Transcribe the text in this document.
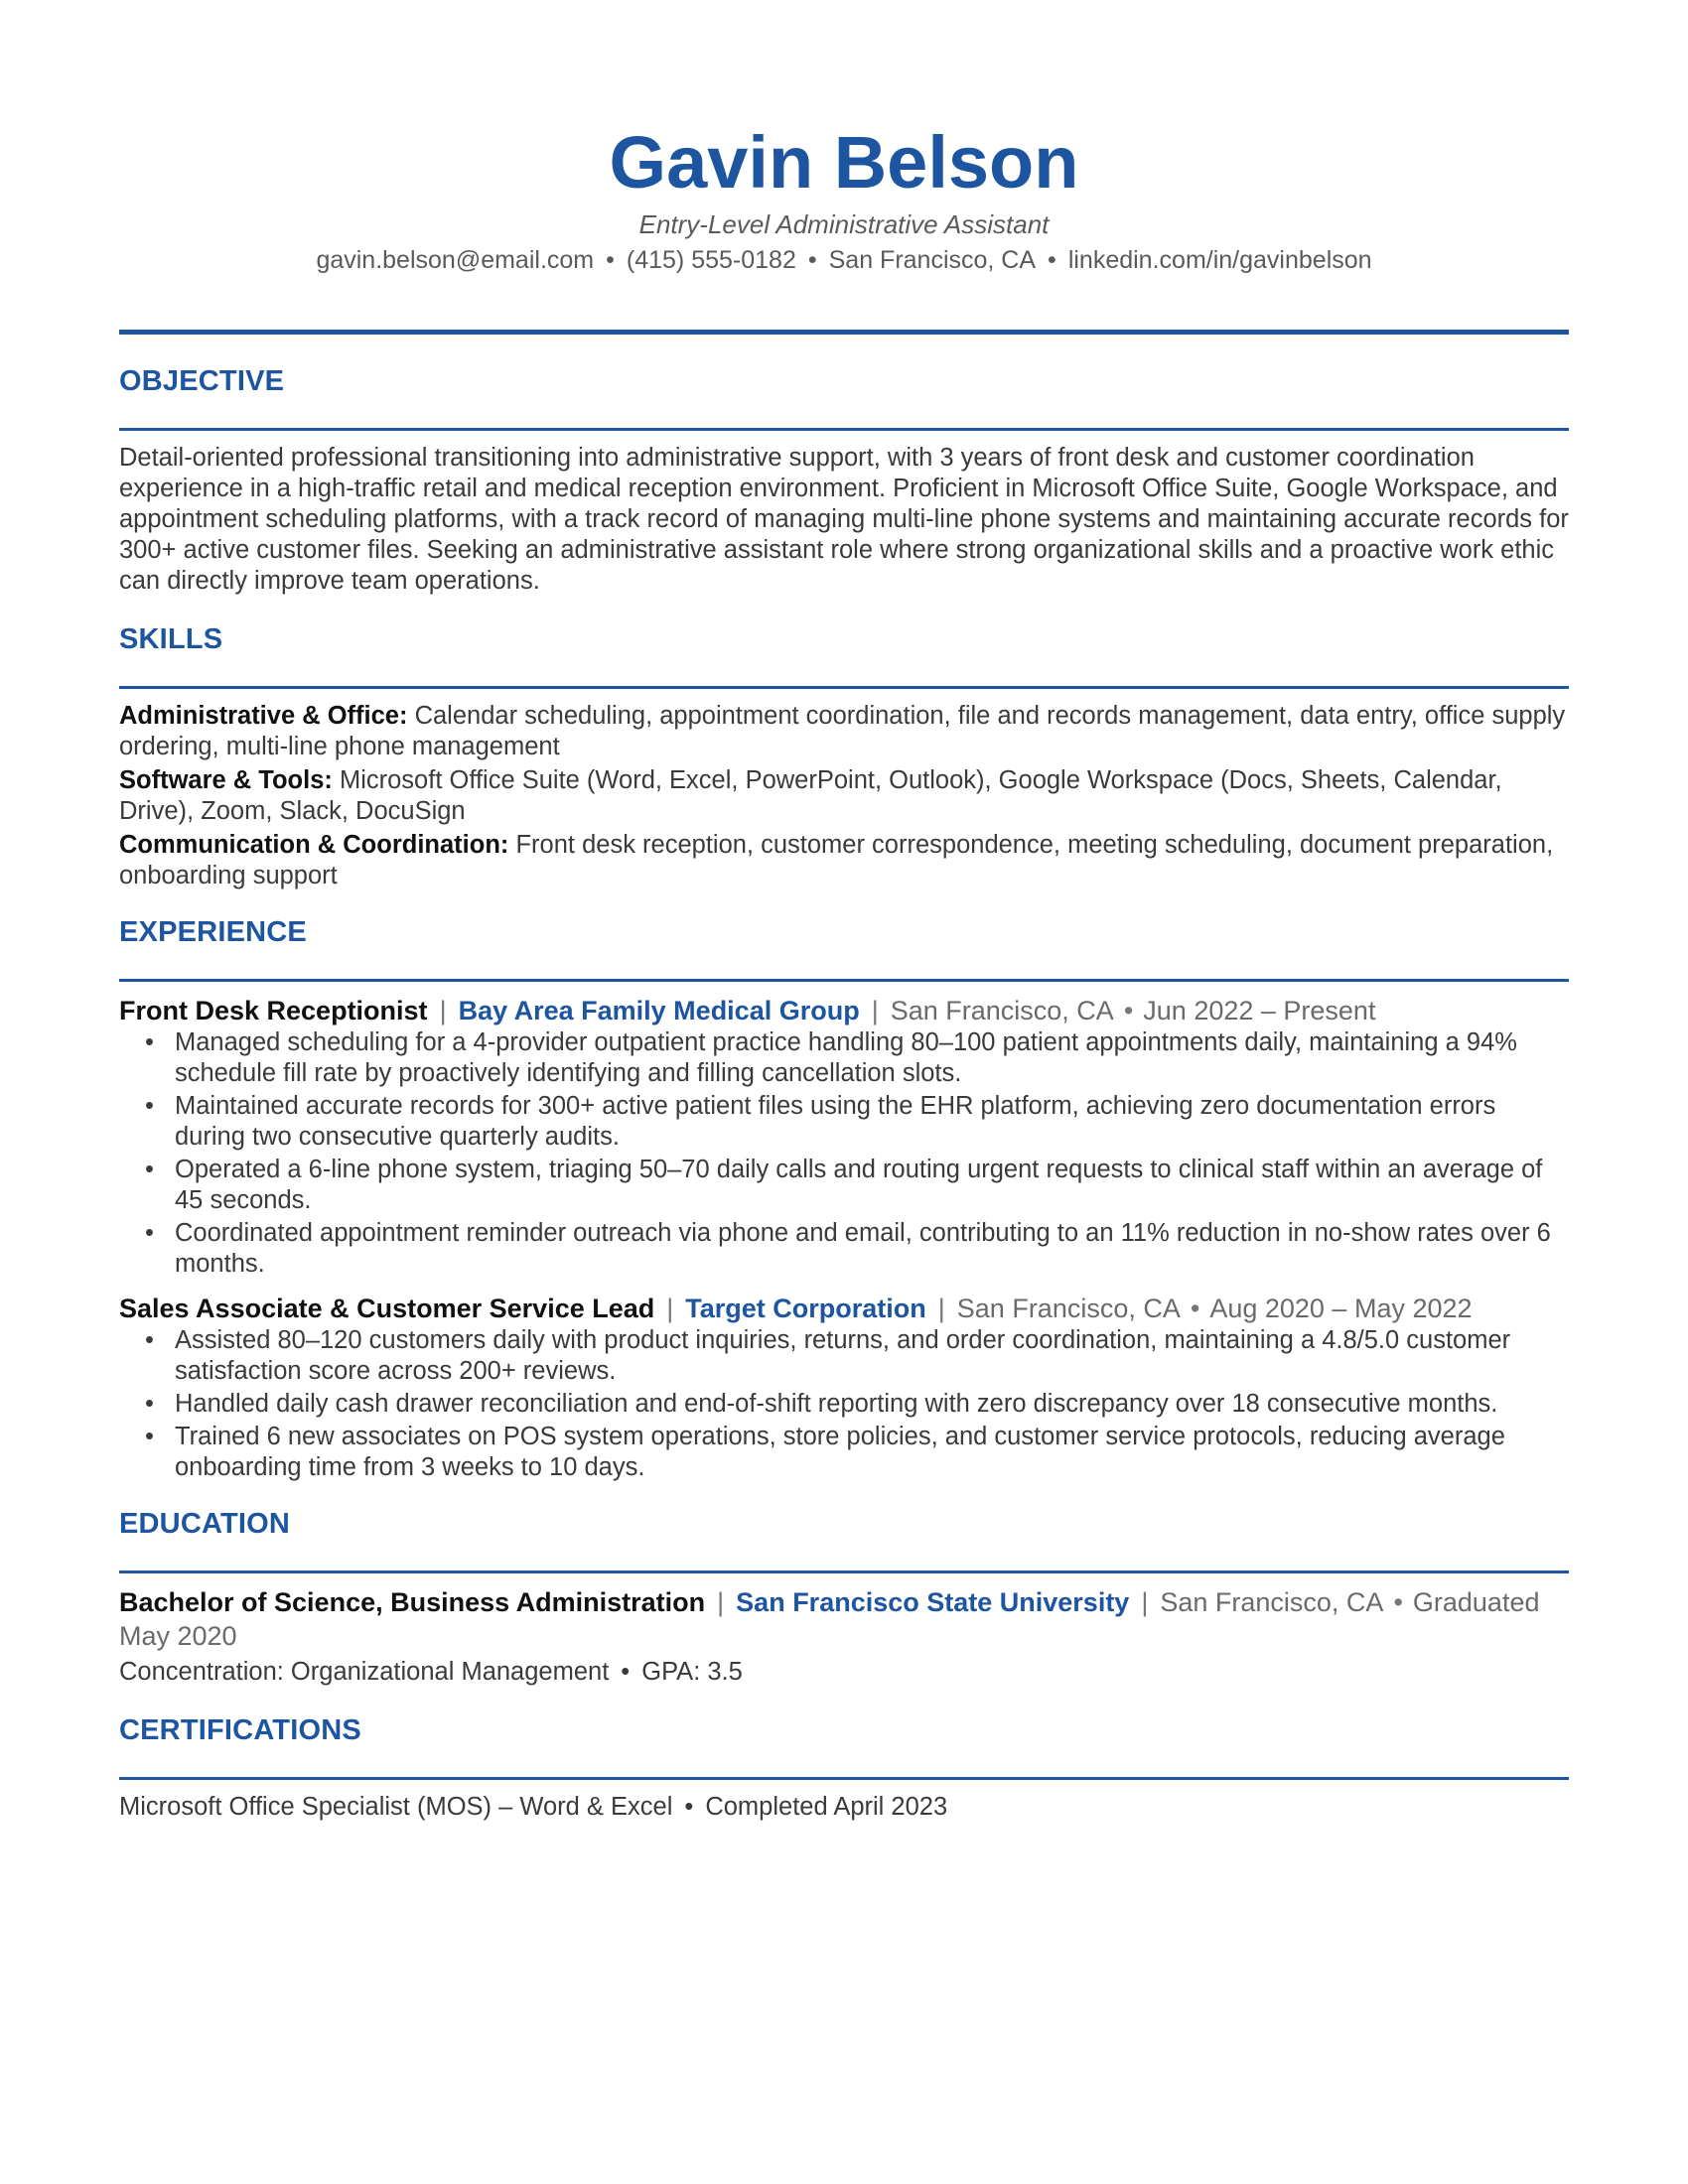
Gavin Belson
Entry-Level Administrative Assistant
gavin.belson@email.com • (415) 555-0182 • San Francisco, CA • linkedin.com/in/gavinbelson
OBJECTIVE
Detail-oriented professional transitioning into administrative support, with 3 years of front desk and customer coordination experience in a high-traffic retail and medical reception environment. Proficient in Microsoft Office Suite, Google Workspace, and appointment scheduling platforms, with a track record of managing multi-line phone systems and maintaining accurate records for 300+ active customer files. Seeking an administrative assistant role where strong organizational skills and a proactive work ethic can directly improve team operations.
SKILLS
Administrative & Office: Calendar scheduling, appointment coordination, file and records management, data entry, office supply ordering, multi-line phone management
Software & Tools: Microsoft Office Suite (Word, Excel, PowerPoint, Outlook), Google Workspace (Docs, Sheets, Calendar, Drive), Zoom, Slack, DocuSign
Communication & Coordination: Front desk reception, customer correspondence, meeting scheduling, document preparation, onboarding support
EXPERIENCE
Front Desk Receptionist | Bay Area Family Medical Group | San Francisco, CA • Jun 2022 – Present
• Managed scheduling for a 4-provider outpatient practice handling 80–100 patient appointments daily, maintaining a 94% schedule fill rate by proactively identifying and filling cancellation slots.
• Maintained accurate records for 300+ active patient files using the EHR platform, achieving zero documentation errors during two consecutive quarterly audits.
• Operated a 6-line phone system, triaging 50–70 daily calls and routing urgent requests to clinical staff within an average of 45 seconds.
• Coordinated appointment reminder outreach via phone and email, contributing to an 11% reduction in no-show rates over 6 months.
Sales Associate & Customer Service Lead | Target Corporation | San Francisco, CA • Aug 2020 – May 2022
• Assisted 80–120 customers daily with product inquiries, returns, and order coordination, maintaining a 4.8/5.0 customer satisfaction score across 200+ reviews.
• Handled daily cash drawer reconciliation and end-of-shift reporting with zero discrepancy over 18 consecutive months.
• Trained 6 new associates on POS system operations, store policies, and customer service protocols, reducing average onboarding time from 3 weeks to 10 days.
EDUCATION
Bachelor of Science, Business Administration | San Francisco State University | San Francisco, CA • Graduated May 2020
Concentration: Organizational Management • GPA: 3.5
CERTIFICATIONS
Microsoft Office Specialist (MOS) – Word & Excel • Completed April 2023
